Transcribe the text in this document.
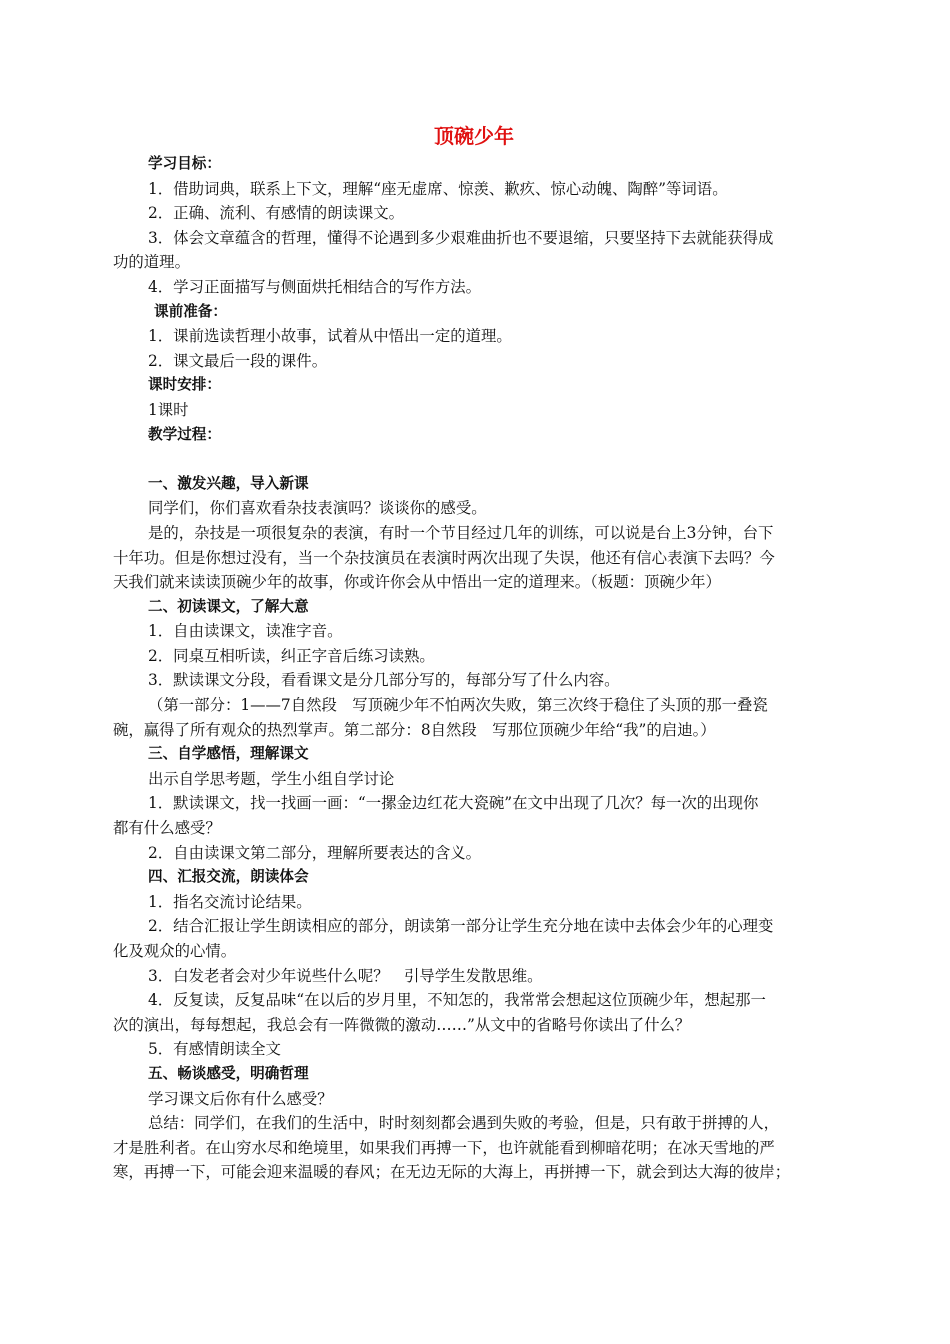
顶碗少年
学习目标：
1．借助词典，联系上下文，理解“座无虚席、惊羡、歉疚、惊心动魄、陶醉”等词语。
2．正确、流利、有感情的朗读课文。
3．体会文章蕴含的哲理，懂得不论遇到多少艰难曲折也不要退缩，只要坚持下去就能获得成
功的道理。
4．学习正面描写与侧面烘托相结合的写作方法。
课前准备：
1．课前选读哲理小故事，试着从中悟出一定的道理。
2．课文最后一段的课件。
课时安排：
1课时
教学过程：
一、激发兴趣，导入新课
同学们，你们喜欢看杂技表演吗？谈谈你的感受。
是的，杂技是一项很复杂的表演，有时一个节目经过几年的训练，可以说是台上3分钟，台下
十年功。但是你想过没有，当一个杂技演员在表演时两次出现了失误，他还有信心表演下去吗？今
天我们就来读读顶碗少年的故事，你或许你会从中悟出一定的道理来。（板题：顶碗少年）
二、初读课文，了解大意
1．自由读课文，读准字音。
2．同桌互相听读，纠正字音后练习读熟。
3．默读课文分段，看看课文是分几部分写的，每部分写了什么内容。
（第一部分：1——7自然段　写顶碗少年不怕两次失败，第三次终于稳住了头顶的那一叠瓷
碗，赢得了所有观众的热烈掌声。第二部分：8自然段　写那位顶碗少年给“我”的启迪。）
三、自学感悟，理解课文
出示自学思考题，学生小组自学讨论
1．默读课文，找一找画一画：“一摞金边红花大瓷碗”在文中出现了几次？每一次的出现你
都有什么感受？
2．自由读课文第二部分，理解所要表达的含义。
四、汇报交流，朗读体会
1．指名交流讨论结果。
2．结合汇报让学生朗读相应的部分，朗读第一部分让学生充分地在读中去体会少年的心理变
化及观众的心情。
3．白发老者会对少年说些什么呢？　引导学生发散思维。
4．反复读，反复品味“在以后的岁月里，不知怎的，我常常会想起这位顶碗少年，想起那一
次的演出，每每想起，我总会有一阵微微的激动……”从文中的省略号你读出了什么？
5．有感情朗读全文
五、畅谈感受，明确哲理
学习课文后你有什么感受？
总结：同学们，在我们的生活中，时时刻刻都会遇到失败的考验，但是，只有敢于拼搏的人，
才是胜利者。在山穷水尽和绝境里，如果我们再搏一下，也许就能看到柳暗花明；在冰天雪地的严
寒，再搏一下，可能会迎来温暖的春风；在无边无际的大海上，再拼搏一下，就会到达大海的彼岸；
